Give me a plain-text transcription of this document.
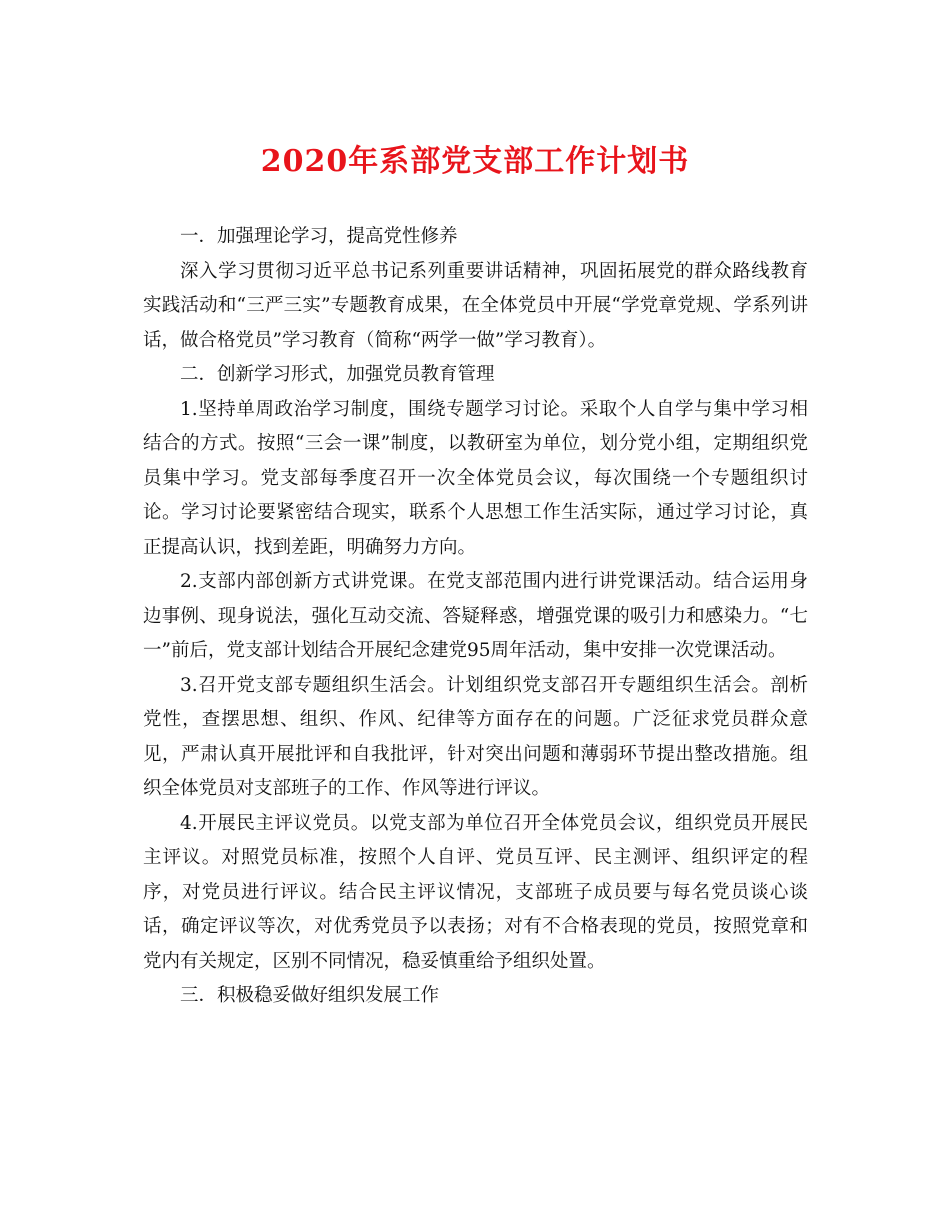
2020年系部党支部工作计划书

一．加强理论学习，提高党性修养

深入学习贯彻习近平总书记系列重要讲话精神，巩固拓展党的群众路线教育实践活动和“三严三实”专题教育成果，在全体党员中开展“学党章党规、学系列讲话，做合格党员”学习教育（简称“两学一做”学习教育）。

二．创新学习形式，加强党员教育管理

1.坚持单周政治学习制度，围绕专题学习讨论。采取个人自学与集中学习相结合的方式。按照“三会一课”制度，以教研室为单位，划分党小组，定期组织党员集中学习。党支部每季度召开一次全体党员会议，每次围绕一个专题组织讨论。学习讨论要紧密结合现实，联系个人思想工作生活实际，通过学习讨论，真正提高认识，找到差距，明确努力方向。

2.支部内部创新方式讲党课。在党支部范围内进行讲党课活动。结合运用身边事例、现身说法，强化互动交流、答疑释惑，增强党课的吸引力和感染力。“七一”前后，党支部计划结合开展纪念建党95周年活动，集中安排一次党课活动。

3.召开党支部专题组织生活会。计划组织党支部召开专题组织生活会。剖析党性，查摆思想、组织、作风、纪律等方面存在的问题。广泛征求党员群众意见，严肃认真开展批评和自我批评，针对突出问题和薄弱环节提出整改措施。组织全体党员对支部班子的工作、作风等进行评议。

4.开展民主评议党员。以党支部为单位召开全体党员会议，组织党员开展民主评议。对照党员标准，按照个人自评、党员互评、民主测评、组织评定的程序，对党员进行评议。结合民主评议情况，支部班子成员要与每名党员谈心谈话，确定评议等次，对优秀党员予以表扬；对有不合格表现的党员，按照党章和党内有关规定，区别不同情况，稳妥慎重给予组织处置。

三．积极稳妥做好组织发展工作
